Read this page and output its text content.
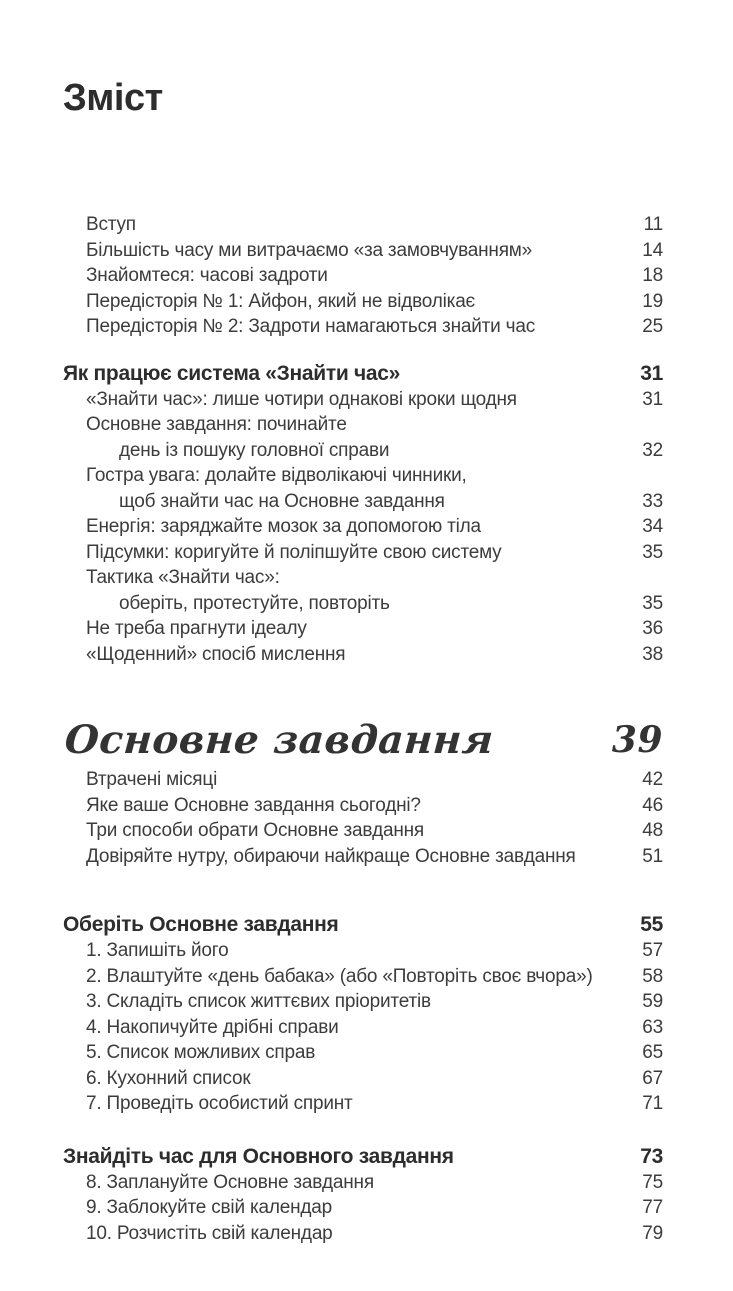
Зміст
Вступ	11
Більшість часу ми витрачаємо «за замовчуванням»	14
Знайомтеся: часові задроти	18
Передісторія № 1: Айфон, який не відволікає	19
Передісторія № 2: Задроти намагаються знайти час	25
Як працює система «Знайти час»	31
«Знайти час»: лише чотири однакові кроки щодня	31
Основне завдання: починайте
день із пошуку головної справи	32
Гостра увага: долайте відволікаючі чинники,
щоб знайти час на Основне завдання	33
Енергія: заряджайте мозок за допомогою тіла	34
Підсумки: коригуйте й поліпшуйте свою систему	35
Тактика «Знайти час»:
оберіть, протестуйте, повторіть	35
Не треба прагнути ідеалу	36
«Щоденний» спосіб мислення	38
Основне завдання	39
Втрачені місяці	42
Яке ваше Основне завдання сьогодні?	46
Три способи обрати Основне завдання	48
Довіряйте нутру, обираючи найкраще Основне завдання	51
Оберіть Основне завдання	55
1. Запишіть його	57
2. Влаштуйте «день бабака» (або «Повторіть своє вчора»)	58
3. Складіть список життєвих пріоритетів	59
4. Накопичуйте дрібні справи	63
5. Список можливих справ	65
6. Кухонний список	67
7. Проведіть особистий спринт	71
Знайдіть час для Основного завдання	73
8. Заплануйте Основне завдання	75
9. Заблокуйте свій календар	77
10. Розчистіть свій календар	79
